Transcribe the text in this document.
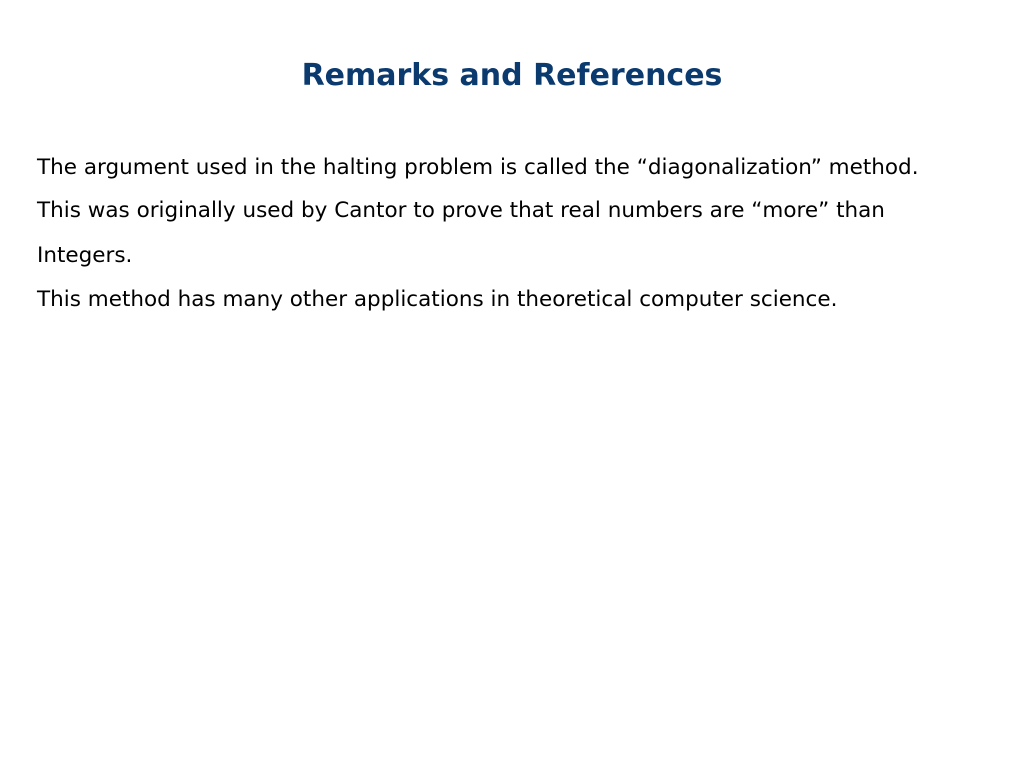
Remarks and References

The argument used in the halting problem is called the “diagonalization” method.

This was originally used by Cantor to prove that real numbers are “more” than

Integers.

This method has many other applications in theoretical computer science.
